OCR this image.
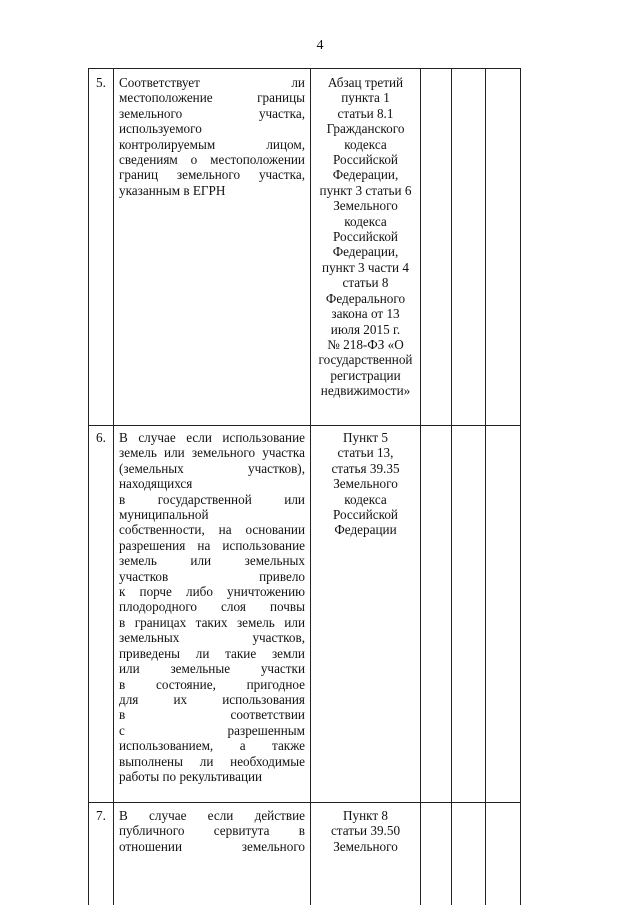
4
5. Соответствует ли

местоположение границы

земельного участка,

используемого

контролируемым лицом,

сведениям о местоположении

границ земельного участка,

указанным в ЕГРН

Абзац третий
пункта 1
статьи 8.1
Гражданского
кодекса
Российской
Федерации,
пункт 3 статьи 6
Земельного
кодекса
Российской
Федерации,
пункт 3 части 4
статьи 8
Федерального
закона от 13
июля 2015 г.
№ 218-ФЗ «О
государственной
регистрации
недвижимости»
6. В случае если использование

земель или земельного участка

(земельных участков),

находящихся

в государственной или

муниципальной

собственности, на основании

разрешения на использование

земель или земельных

участков привело

к порче либо уничтожению

плодородного слоя почвы

в границах таких земель или

земельных участков,

приведены ли такие земли

или земельные участки

в состояние, пригодное

для их использования

в соответствии

с разрешенным

использованием, а также

выполнены ли необходимые

работы по рекультивации

Пункт 5
статьи 13,
статья 39.35
Земельного
кодекса
Российской
Федерации
7. В случае если действие

публичного сервитута в

отношении земельного

Пункт 8
статьи 39.50
Земельного
